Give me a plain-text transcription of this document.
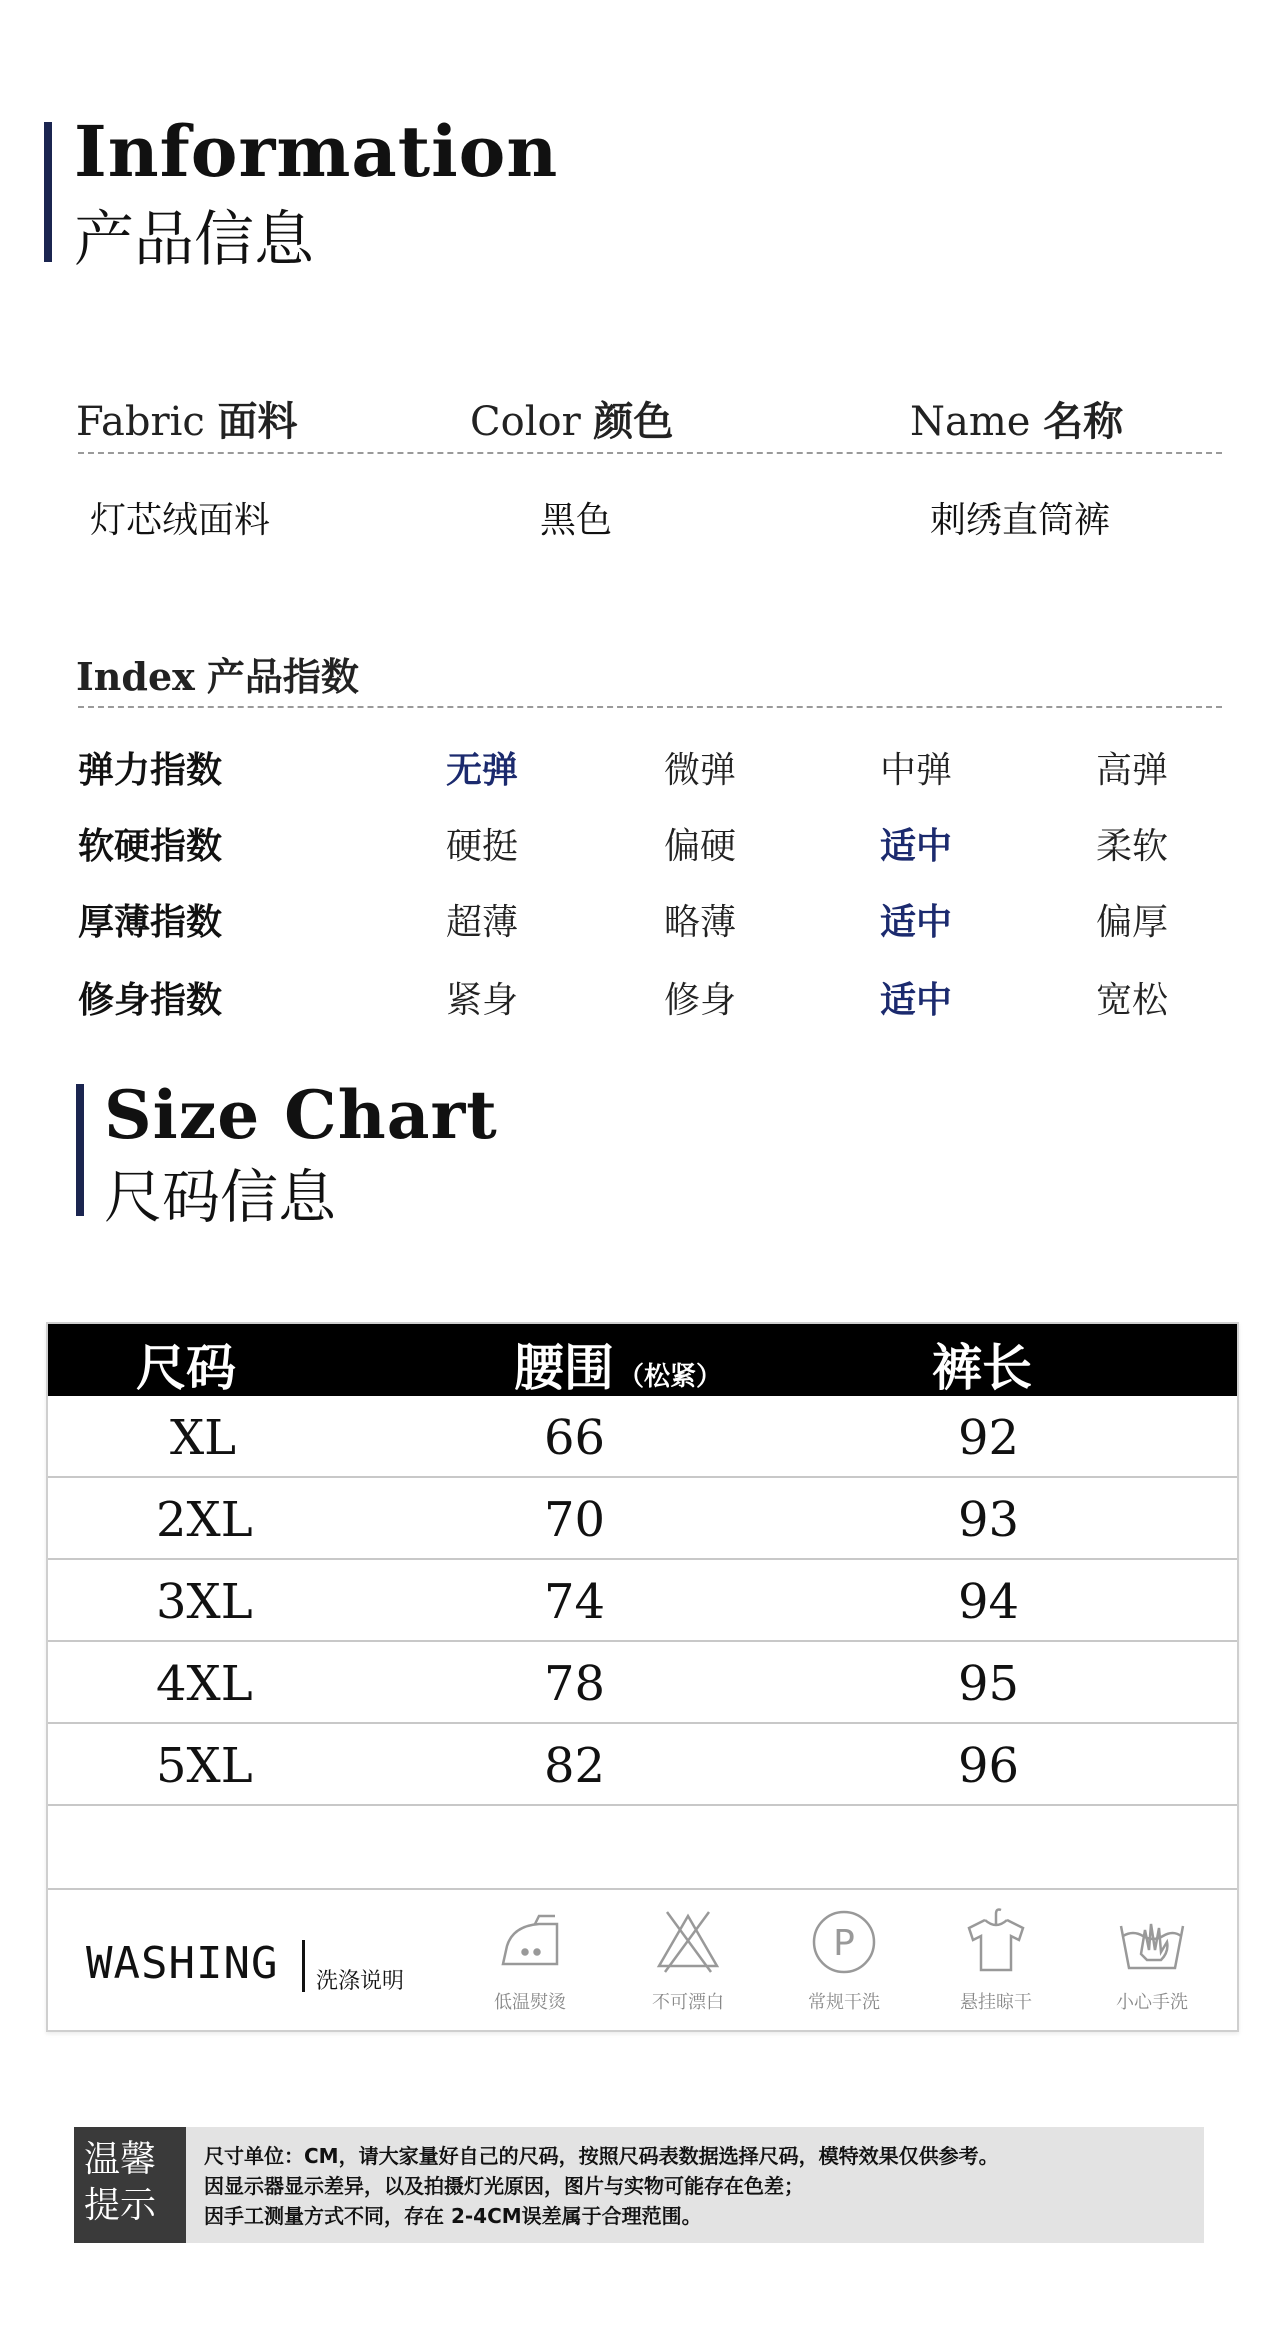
Information
产品信息
Fabric 面料	Color 颜色	Name 名称
灯芯绒面料	黑色	刺绣直筒裤
Index 产品指数
弹力指数	无弹	微弹	中弹	高弹
软硬指数	硬挺	偏硬	适中	柔软
厚薄指数	超薄	略薄	适中	偏厚
修身指数	紧身	修身	适中	宽松
Size Chart
尺码信息
尺码	腰围 （松紧）	裤长
XL	66	92
2XL	70	93
3XL	74	94
4XL	78	95
5XL	82	96
WASHING 洗涤说明
低温熨烫	不可漂白
P
常规干洗	悬挂晾干	小心手洗
温馨
提示
尺寸单位：CM，请大家量好自己的尺码，按照尺码表数据选择尺码，模特效果仅供参考。
因显示器显示差异，以及拍摄灯光原因，图片与实物可能存在色差；
因手工测量方式不同，存在 2-4CM误差属于合理范围。
